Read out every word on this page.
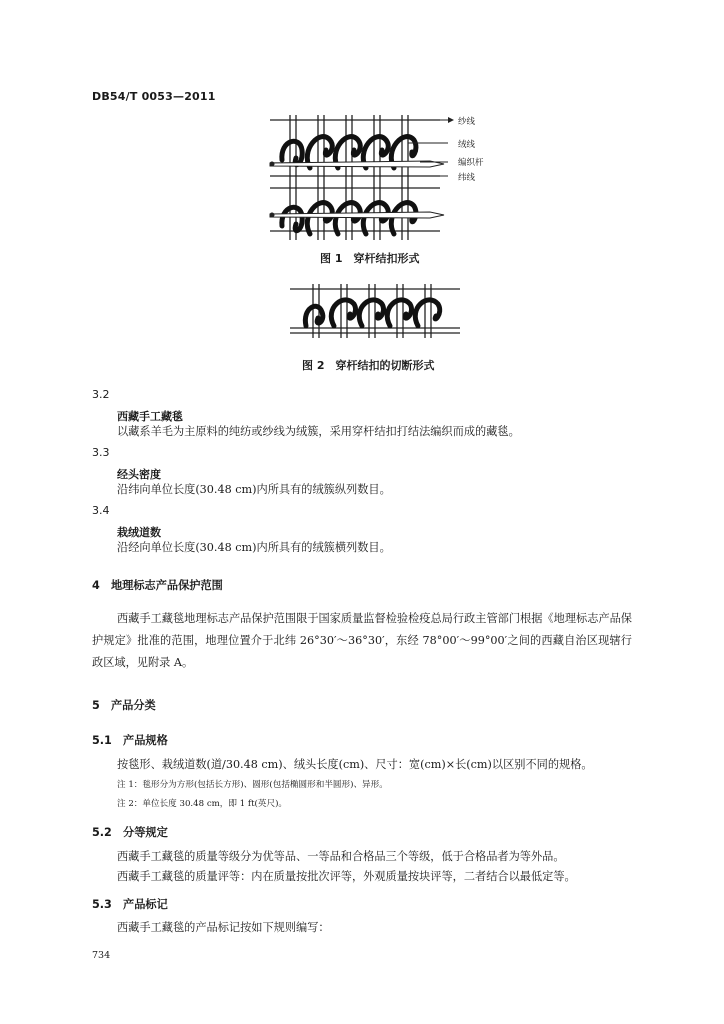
DB54/T 0053—2011
纱线
绒线
编织杆
纬线
图 1　穿杆结扣形式
图 2　穿杆结扣的切断形式
3.2
西藏手工藏毯
以藏系羊毛为主原料的纯纺或纱线为绒簇，采用穿杆结扣打结法编织而成的藏毯。
3.3
经头密度
沿纬向单位长度(30.48 cm)内所具有的绒簇纵列数目。
3.4
栽绒道数
沿经向单位长度(30.48 cm)内所具有的绒簇横列数目。
4　地理标志产品保护范围
西藏手工藏毯地理标志产品保护范围限于国家质量监督检验检疫总局行政主管部门根据《地理标志产品保护规定》批准的范围，地理位置介于北纬 26°30′～36°30′，东经 78°00′～99°00′之间的西藏自治区现辖行政区域，见附录 A。
5　产品分类
5.1　产品规格
按毯形、栽绒道数(道/30.48 cm)、绒头长度(cm)、尺寸：宽(cm)×长(cm)以区别不同的规格。
注 1：毯形分为方形(包括长方形)、圆形(包括椭圆形和半圆形)、异形。
注 2：单位长度 30.48 cm，即 1 ft(英尺)。
5.2　分等规定
西藏手工藏毯的质量等级分为优等品、一等品和合格品三个等级，低于合格品者为等外品。
西藏手工藏毯的质量评等：内在质量按批次评等，外观质量按块评等，二者结合以最低定等。
5.3　产品标记
西藏手工藏毯的产品标记按如下规则编写：
734
